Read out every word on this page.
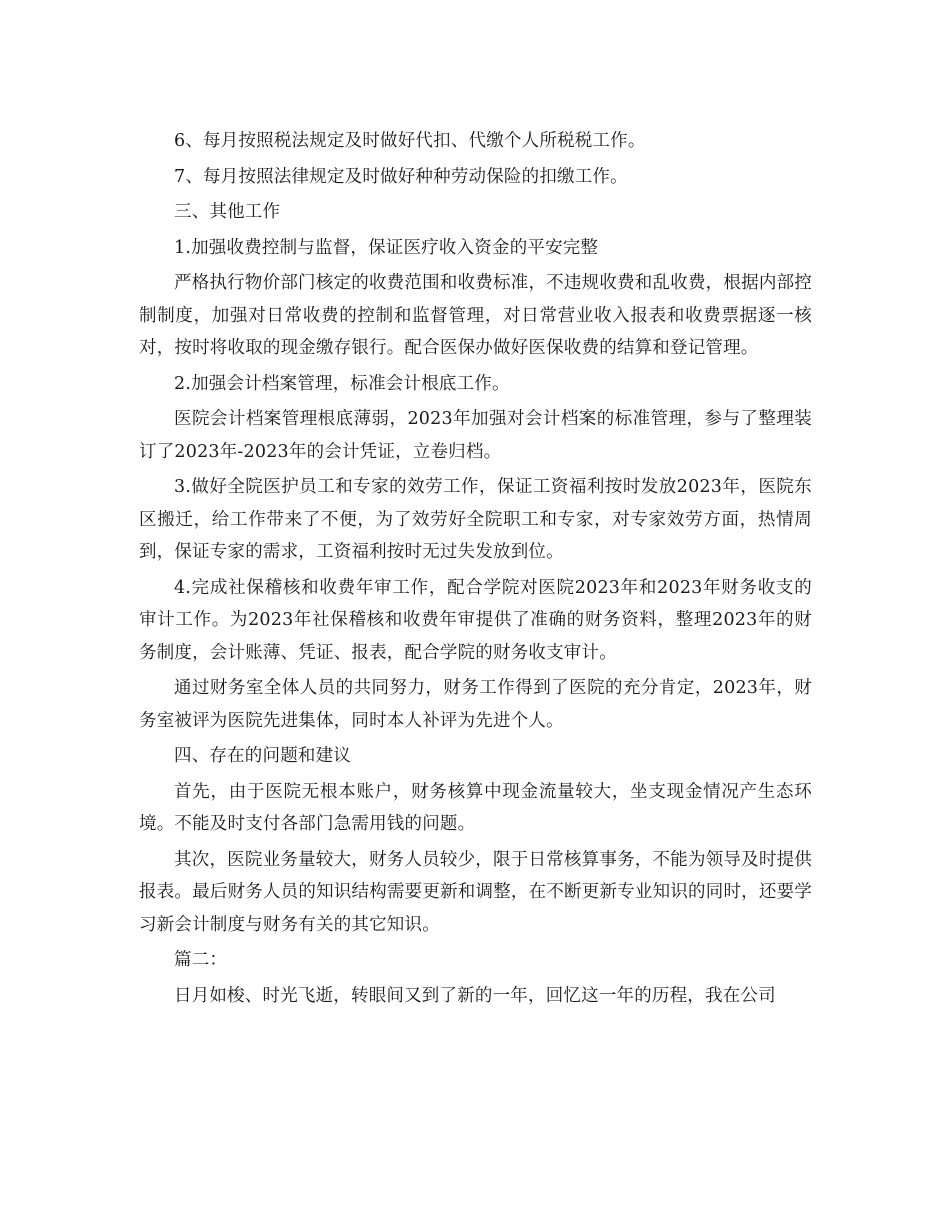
6、每月按照税法规定及时做好代扣、代缴个人所税税工作。

7、每月按照法律规定及时做好种种劳动保险的扣缴工作。

三、其他工作

1.加强收费控制与监督，保证医疗收入资金的平安完整

严格执行物价部门核定的收费范围和收费标准，不违规收费和乱收费，根据内部控制制度，加强对日常收费的控制和监督管理，对日常营业收入报表和收费票据逐一核对，按时将收取的现金缴存银行。配合医保办做好医保收费的结算和登记管理。

2.加强会计档案管理，标准会计根底工作。

医院会计档案管理根底薄弱，2023年加强对会计档案的标准管理，参与了整理装订了2023年-2023年的会计凭证，立卷归档。

3.做好全院医护员工和专家的效劳工作，保证工资福利按时发放2023年，医院东区搬迁，给工作带来了不便，为了效劳好全院职工和专家，对专家效劳方面，热情周到，保证专家的需求，工资福利按时无过失发放到位。

4.完成社保稽核和收费年审工作，配合学院对医院2023年和2023年财务收支的审计工作。为2023年社保稽核和收费年审提供了准确的财务资料，整理2023年的财务制度，会计账薄、凭证、报表，配合学院的财务收支审计。

通过财务室全体人员的共同努力，财务工作得到了医院的充分肯定，2023年，财务室被评为医院先进集体，同时本人补评为先进个人。

四、存在的问题和建议

首先，由于医院无根本账户，财务核算中现金流量较大，坐支现金情况产生态环境。不能及时支付各部门急需用钱的问题。

其次，医院业务量较大，财务人员较少，限于日常核算事务，不能为领导及时提供报表。最后财务人员的知识结构需要更新和调整，在不断更新专业知识的同时，还要学习新会计制度与财务有关的其它知识。

篇二：

日月如梭、时光飞逝，转眼间又到了新的一年，回忆这一年的历程，我在公司
